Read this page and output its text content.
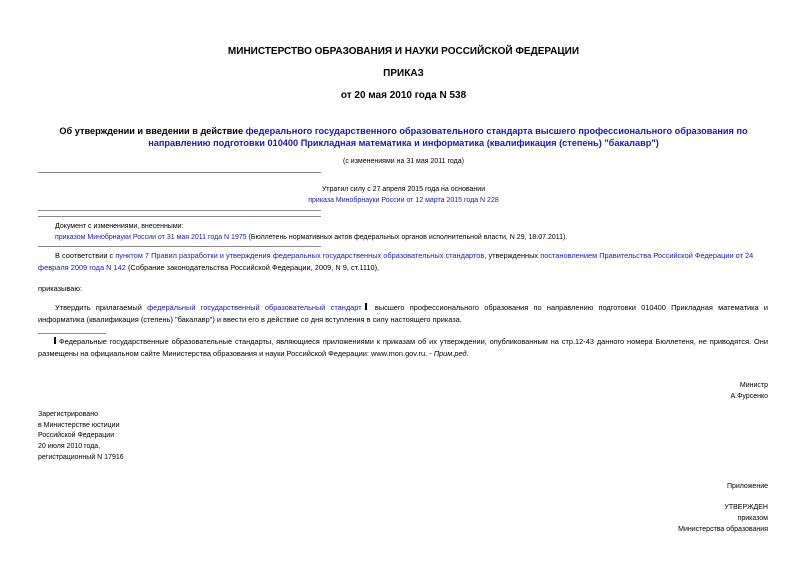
МИНИСТЕРСТВО ОБРАЗОВАНИЯ И НАУКИ РОССИЙСКОЙ ФЕДЕРАЦИИ
ПРИКАЗ
от 20 мая 2010 года N 538
Об утверждении и введении в действие федерального государственного образовательного стандарта высшего профессионального образования по направлению подготовки 010400 Прикладная математика и информатика (квалификация (степень) "бакалавр")
(с изменениями на 31 мая 2011 года)
Утратил силу с 27 апреля 2015 года на основании
приказа Минобрнауки России от 12 марта 2015 года N 228
Документ с изменениями, внесенными:
приказом Минобрнауки России от 31 мая 2011 года N 1975 (Бюллетень нормативных актов федеральных органов исполнительной власти, N 29, 18.07.2011).
В соответствии с пунктом 7 Правил разработки и утверждения федеральных государственных образовательных стандартов, утвержденных постановлением Правительства Российской Федерации от 24 февраля 2009 года N 142 (Собрание законодательства Российской Федерации, 2009, N 9, ст.1110),
приказываю:
Утвердить прилагаемый федеральный государственный образовательный стандарт высшего профессионального образования по направлению подготовки 010400 Прикладная математика и информатика (квалификация (степень) "бакалавр") и ввести его в действие со дня вступления в силу настоящего приказа.
Федеральные государственные образовательные стандарты, являющиеся приложениями к приказам об их утверждении, опубликованным на стр.12-43 данного номера Бюллетеня, не приводятся. Они размещены на официальном сайте Министерства образования и науки Российской Федерации: www.mon.gov.ru. - Прим.ред.
Министр
А.Фурсенко
Зарегистрировано
в Министерстве юстиции
Российской Федерации
20 июля 2010 года,
регистрационный N 17916
Приложение
УТВЕРЖДЕН
приказом
Министерства образования
